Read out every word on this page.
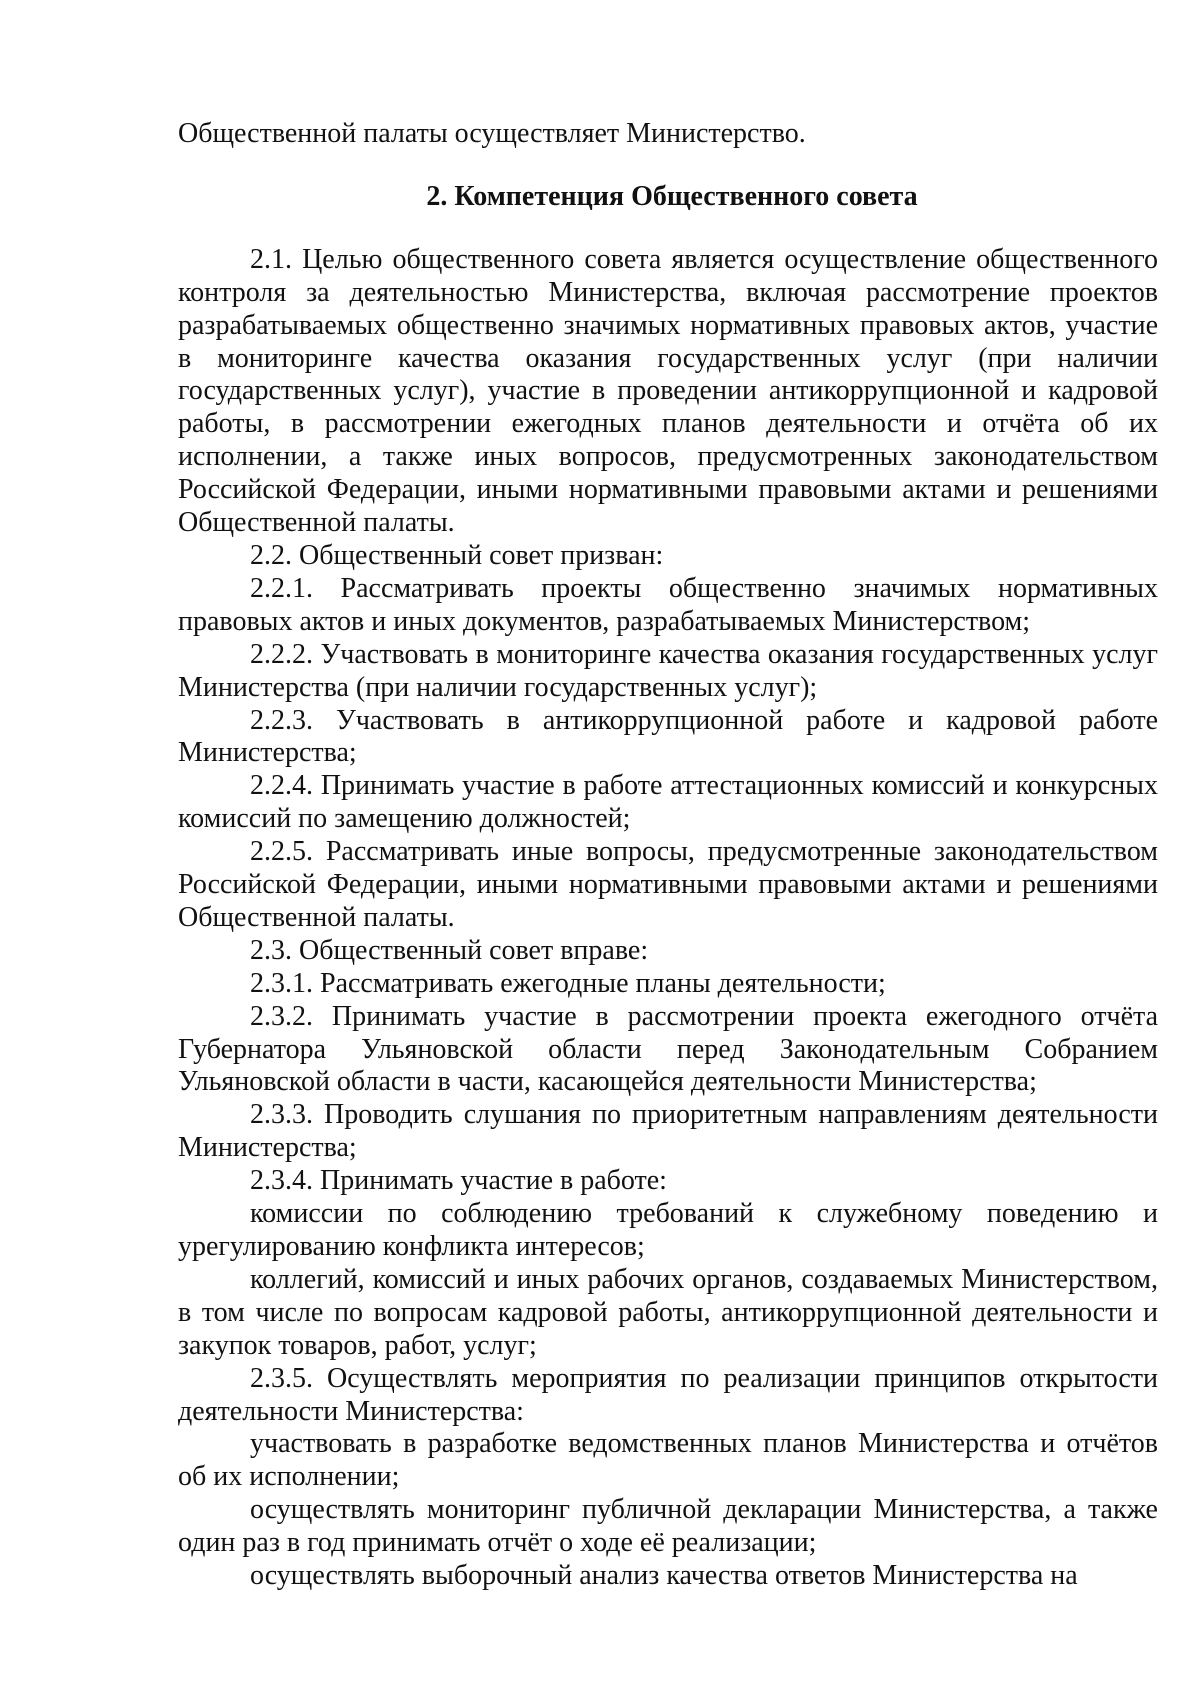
Общественной палаты осуществляет Министерство.

2. Компетенция Общественного совета

2.1. Целью общественного совета является осуществление общественного контроля за деятельностью Министерства, включая рассмотрение проектов разрабатываемых общественно значимых нормативных правовых актов, участие в мониторинге качества оказания государственных услуг (при наличии государственных услуг), участие в проведении антикоррупционной и кадровой работы, в рассмотрении ежегодных планов деятельности и отчёта об их исполнении, а также иных вопросов, предусмотренных законодательством Российской Федерации, иными нормативными правовыми актами и решениями Общественной палаты.

2.2. Общественный совет призван:

2.2.1. Рассматривать проекты общественно значимых нормативных правовых актов и иных документов, разрабатываемых Министерством;

2.2.2. Участвовать в мониторинге качества оказания государственных услуг Министерства (при наличии государственных услуг);

2.2.3. Участвовать в антикоррупционной работе и кадровой работе Министерства;

2.2.4. Принимать участие в работе аттестационных комиссий и конкурсных комиссий по замещению должностей;

2.2.5. Рассматривать иные вопросы, предусмотренные законодательством Российской Федерации, иными нормативными правовыми актами и решениями Общественной палаты.

2.3. Общественный совет вправе:

2.3.1. Рассматривать ежегодные планы деятельности;

2.3.2. Принимать участие в рассмотрении проекта ежегодного отчёта Губернатора Ульяновской области перед Законодательным Собранием Ульяновской области в части, касающейся деятельности Министерства;

2.3.3. Проводить слушания по приоритетным направлениям деятельности Министерства;

2.3.4. Принимать участие в работе:

комиссии по соблюдению требований к служебному поведению и урегулированию конфликта интересов;

коллегий, комиссий и иных рабочих органов, создаваемых Министерством, в том числе по вопросам кадровой работы, антикоррупционной деятельности и закупок товаров, работ, услуг;

2.3.5. Осуществлять мероприятия по реализации принципов открытости деятельности Министерства:

участвовать в разработке ведомственных планов Министерства и отчётов об их исполнении;

осуществлять мониторинг публичной декларации Министерства, а также один раз в год принимать отчёт о ходе её реализации;

осуществлять выборочный анализ качества ответов Министерства на
